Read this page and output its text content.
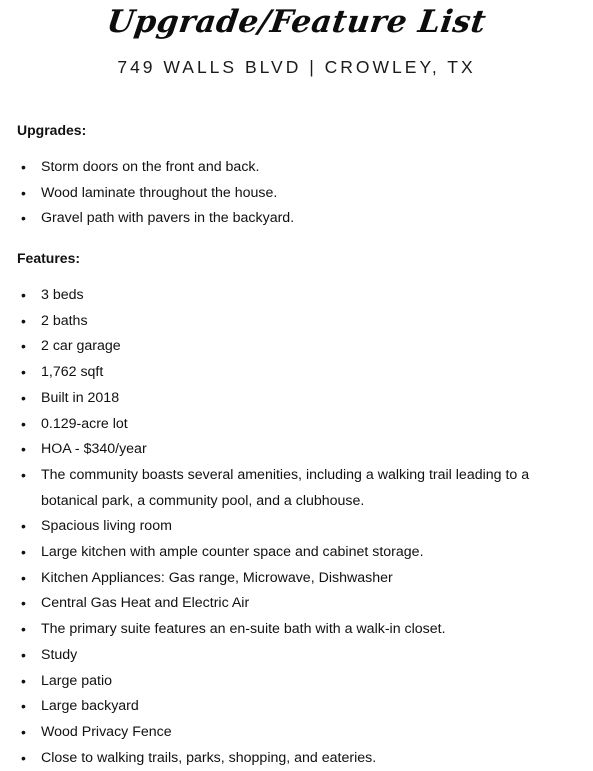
Upgrade/Feature List
749 WALLS BLVD | CROWLEY, TX
Upgrades:
• Storm doors on the front and back.
• Wood laminate throughout the house.
• Gravel path with pavers in the backyard.
Features:
• 3 beds
• 2 baths
• 2 car garage
• 1,762 sqft
• Built in 2018
• 0.129-acre lot
• HOA - $340/year
• The community boasts several amenities, including a walking trail leading to a botanical park, a community pool, and a clubhouse.
• Spacious living room
• Large kitchen with ample counter space and cabinet storage.
• Kitchen Appliances: Gas range, Microwave, Dishwasher
• Central Gas Heat and Electric Air
• The primary suite features an en-suite bath with a walk-in closet.
• Study
• Large patio
• Large backyard
• Wood Privacy Fence
• Close to walking trails, parks, shopping, and eateries.
